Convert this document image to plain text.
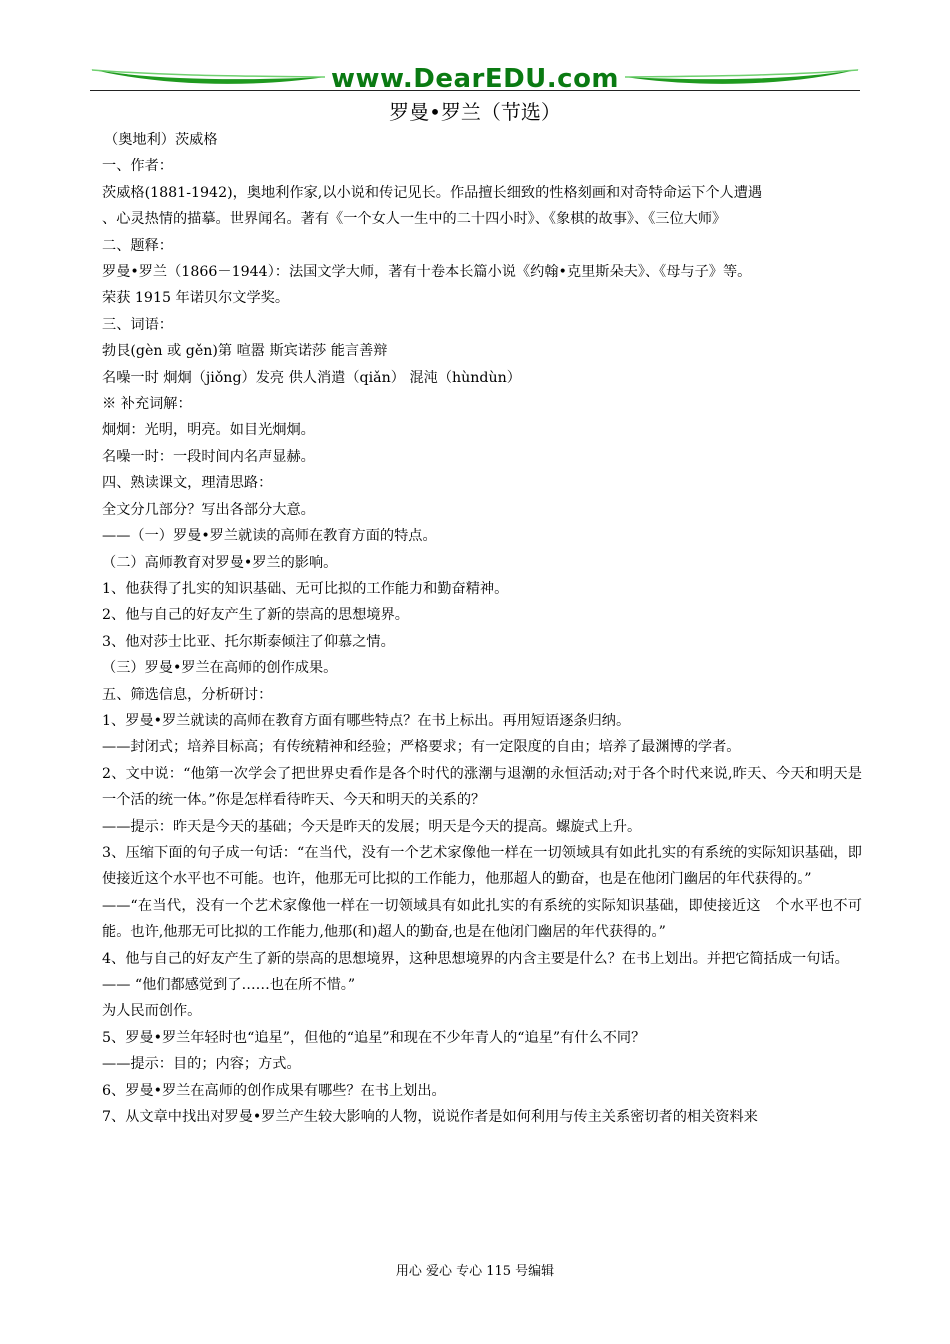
www.DearEDU.com
罗曼•罗兰（节选）

（奥地利）茨威格

一、作者：

茨威格(1881-1942)，奥地利作家,以小说和传记见长。作品擅长细致的性格刻画和对奇特命运下个人遭遇

、心灵热情的描摹。世界闻名。著有《一个女人一生中的二十四小时》、《象棋的故事》、《三位大师》

二、题释：

罗曼•罗兰（1866－1944）：法国文学大师，著有十卷本长篇小说《约翰•克里斯朵夫》、《母与子》等。

荣获 1915 年诺贝尔文学奖。

三、词语：

勃艮(gèn 或 gěn)第 喧嚣 斯宾诺莎 能言善辩

名噪一时 炯炯（jiǒng）发亮 供人消遣（qiǎn） 混沌（hùndùn）

※ 补充词解：

炯炯：光明，明亮。如目光炯炯。

名噪一时：一段时间内名声显赫。

四、熟读课文，理清思路：

全文分几部分？写出各部分大意。

——（一）罗曼•罗兰就读的高师在教育方面的特点。

（二）高师教育对罗曼•罗兰的影响。

1、他获得了扎实的知识基础、无可比拟的工作能力和勤奋精神。

2、他与自己的好友产生了新的崇高的思想境界。

3、他对莎士比亚、托尔斯泰倾注了仰慕之情。

（三）罗曼•罗兰在高师的创作成果。

五、筛选信息，分析研讨：

1、罗曼•罗兰就读的高师在教育方面有哪些特点？在书上标出。再用短语逐条归纳。

——封闭式；培养目标高；有传统精神和经验；严格要求；有一定限度的自由；培养了最渊博的学者。

2、文中说：“他第一次学会了把世界史看作是各个时代的涨潮与退潮的永恒活动;对于各个时代来说,昨天、今天和明天是一个活的统一体。”你是怎样看待昨天、今天和明天的关系的？

——提示：昨天是今天的基础；今天是昨天的发展；明天是今天的提高。螺旋式上升。

3、压缩下面的句子成一句话：“在当代，没有一个艺术家像他一样在一切领域具有如此扎实的有系统的实际知识基础，即使接近这个水平也不可能。也许，他那无可比拟的工作能力，他那超人的勤奋，也是在他闭门幽居的年代获得的。”

——“在当代，没有一个艺术家像他一样在一切领域具有如此扎实的有系统的实际知识基础，即使接近这　个水平也不可能。也许,他那无可比拟的工作能力,他那(和)超人的勤奋,也是在他闭门幽居的年代获得的。”

4、他与自己的好友产生了新的崇高的思想境界，这种思想境界的内含主要是什么？在书上划出。并把它简括成一句话。

—— “他们都感觉到了……也在所不惜。”

为人民而创作。

5、罗曼•罗兰年轻时也“追星”，但他的“追星”和现在不少年青人的“追星”有什么不同？

——提示：目的；内容；方式。

6、罗曼•罗兰在高师的创作成果有哪些？在书上划出。

7、从文章中找出对罗曼•罗兰产生较大影响的人物，说说作者是如何利用与传主关系密切者的相关资料来

用心 爱心 专心 115 号编辑
